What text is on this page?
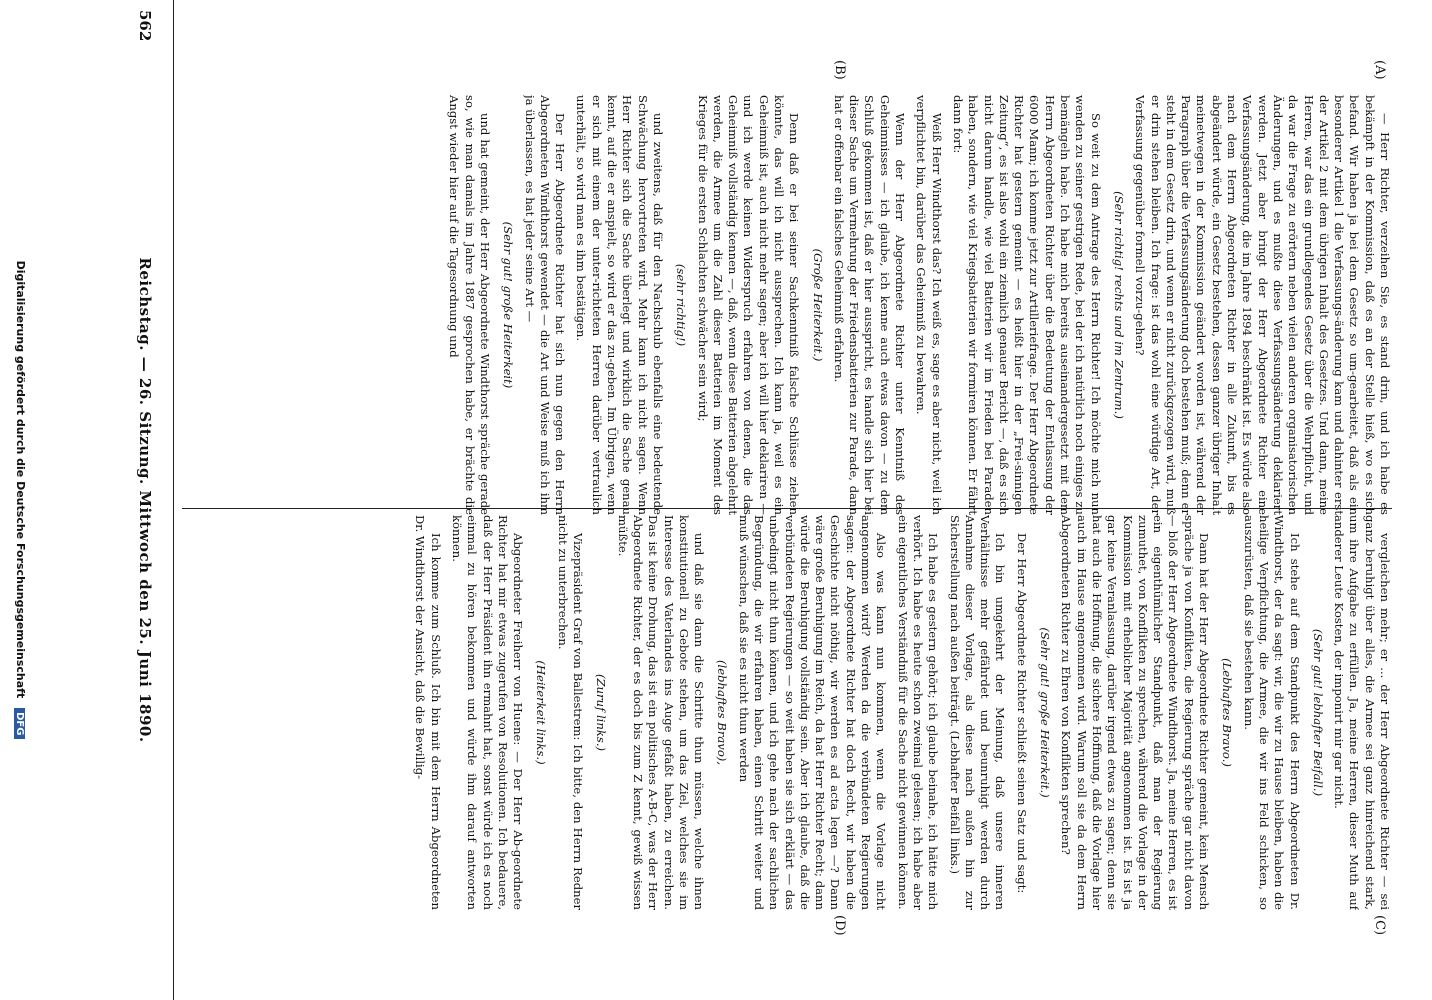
562
Reichstag. — 26. Sitzung. Mittwoch den 25. Juni 1890.
(A)
(B)
(C)
(D)

— Herr Richter, verzeihen Sie, es stand drin, und ich habe es bekämpft in der Kommission, daß es an der Stelle hieß, wo es sich befand. Wir haben ja bei dem Gesetz so um-gearbeitet, daß als ein besonderer Artikel 1 die Verfassungs-änderung kam und dahinter erst der Artikel 2 mit dem übrigen Inhalt des Gesetzes. Und dann, meine Herren, war das ein grundlegendes Gesetz über die Wehrpflicht, und da war die Frage zu erörtern neben vielen anderen organisatorischen Änderungen, und es mußte diese Verfassungsänderung deklariert werden. Jetzt aber bringt der Herr Abgeordnete Richter eine Verfassungsänderung, die im Jahre 1894 beschränkt ist. Es würde also nach dem Herrn Abgeordneten Richter in alle Zukunft, bis es abgeändert würde, ein Gesetz bestehen, dessen ganzer übriger Inhalt meinetwegen in der Kommission geändert worden ist, während der Paragraph über die Verfassungsänderung doch bestehen muß; denn er steht in dem Gesetz drin, und wenn er nicht zurückgezogen wird, muß er drin stehen bleiben. Ich frage: ist das wohl eine würdige Art, der Verfassung gegenüber formell vorzu-gehen?

(Sehr richtig! rechts und im Zentrum.)

So weit zu dem Antrage des Herrn Richter! Ich möchte mich nun wenden zu seiner gestrigen Rede, bei der ich natürlich noch einiges zu bemängeln habe. Ich habe mich bereits auseinandergesetzt mit dem Herrn Abgeordneten Richter über die Bedeutung der Entlassung der 6000 Mann; ich komme jetzt zur Artilleriefrage. Der Herr Abgeordnete Richter hat gestern gemeint — es heißt hier in der „Frei-sinnigen Zeitung“, es ist also wohl ein ziemlich genauer Bericht —, daß es sich nicht darum handle, wie viel Batterien wir im Frieden bei Paraden haben, sondern, wie viel Kriegsbatterien wir formiren können. Er fährt dann fort:

Weiß Herr Windthorst das? Ich weiß es, sage es aber nicht, weil ich verpflichtet bin, darüber das Geheimniß zu bewahren.

Wenn der Herr Abgeordnete Richter unter Kenntniß des Geheimnisses — ich glaube, ich kenne auch etwas davon — zu dem Schluß gekommen ist, daß er hier ausspricht, es handle sich hier bei dieser Sache um Vermehrung der Friedensbatterien zur Parade, dann hat er offenbar ein falsches Geheimniß erfahren.

(Große Heiterkeit.)

Denn daß er bei seiner Sachkenntniß falsche Schlüsse ziehen könnte, das will ich nicht aussprechen. Ich kann ja, weil es ein Geheimniß ist, auch nicht mehr sagen; aber ich will hier deklariren — und ich werde keinen Widerspruch erfahren von denen, die das Geheimniß vollständig kennen —, daß, wenn diese Batterien abgelehnt werden, die Armee um die Zahl dieser Batterien im Moment des Krieges für die ersten Schlachten schwächer sein wird;

(sehr richtig!)

und zweitens, daß für den Nachschub ebenfalls eine bedeutende Schwächung hervortreten wird. Mehr kann ich nicht sagen. Wenn Herr Richter sich die Sache überlegt und wirklich die Sache genau kennt, auf die er anspielt, so wird er das zu-geben. Im Übrigen, wenn er sich mit einem der unter-richteten Herren darüber vertraulich unterhält, so wird man es ihm bestätigen.

Der Herr Abgeordnete Richter hat sich nun gegen den Herrn Abgeordneten Windthorst gewendet — die Art und Weise muß ich ihm ja überlassen, es hat jeder seine Art —

(Sehr gut! große Heiterkeit)

und hat gemeint, der Herr Abgeordnete Windthorst spräche gerade so, wie man damals im Jahre 1887 gesprochen habe, er brächte die Angst wieder hier auf die Tagesordnung und

vergleichen mehr; er ... der Herr Abgeordnete Richter — sei ganz beruhigt über alles, die Armee sei ganz hinreichend stark, um ihre Aufgabe zu erfüllen. Ja, meine Herren, dieser Muth auf anderer Leute Kosten, der imponirt mir gar nicht.

(Sehr gut! lebhafter Beifall.)

Ich stehe auf dem Standpunkt des Herrn Abgeordneten Dr. Windthorst, der da sagt: wir, die wir zu Hause bleiben, haben die heilige Verpflichtung, die Armee, die wir ins Feld schicken, so auszurüsten, daß sie bestehen kann.

(Lebhaftes Bravo.)

Dann hat der Herr Abgeordnete Richter gemeint, kein Mensch spräche ja von Konflikten, die Regierung spräche gar nicht davon — bloß der Herr Abgeordnete Windthorst. Ja, meine Herren, es ist ein eigenthümlicher Standpunkt, daß man der Regierung zumuthet, von Konflikten zu sprechen, während die Vorlage in der Kommission mit erheblicher Majorität angenommen ist. Es ist ja gar keine Veranlassung, darüber irgend etwas zu sagen; denn sie hat auch die Hoffnung, die sichere Hoffnung, daß die Vorlage hier auch im Hause angenommen wird. Warum soll sie da dem Herrn Abgeordneten Richter zu Ehren von Konflikten sprechen?

(Sehr gut! große Heiterkeit.)

Der Herr Abgeordnete Richter schließt seinen Satz und sagt:

Ich bin umgekehrt der Meinung, daß unsere inneren Verhältnisse mehr gefährdet und beunruhigt werden durch Annahme dieser Vorlage, als diese nach außen hin zur Sicherstellung nach außen beiträgt. (Lebhafter Beifall links.)

Ich habe es gestern gehört; ich glaube beinahe, ich hätte mich verhört. Ich habe es heute schon zweimal gelesen; ich habe aber ein eigentliches Verständniß für die Sache nicht gewinnen können.

Also was kann nun kommen, wenn die Vorlage nicht angenommen wird? Werden da die verbündeten Regierungen sagen: der Abgeordnete Richter hat doch Recht, wir haben die Geschichte nicht nöthig, wir werden es ad acta legen —? Dann wäre große Beruhigung im Reich, da hat Herr Richter Recht; dann würde die Beruhigung vollständig sein. Aber ich glaube, daß die verbündeten Regierungen — so weit haben sie sich erklärt — das unbedingt nicht thun können, und ich gehe nach der sachlichen Begründung, die wir erfahren haben, einen Schritt weiter und muß wünschen, daß sie es nicht thun werden

(lebhaftes Bravo),

und daß sie dann die Schritte thun müssen, welche ihnen konstitutionell zu Gebote stehen, um das Ziel, welches sie im Interesse des Vaterlandes ins Auge gefaßt haben, zu erreichen. Das ist keine Drohung, das ist ein politisches A-B-C, was der Herr Abgeordnete Richter, der es doch bis zum Z kennt, gewiß wissen müßte.

(Zuruf links.)

Vizepräsident Graf von Ballestrem: Ich bitte, den Herrn Redner nicht zu unterbrechen.

(Heiterkeit links.)

Abgeordneter Freiherr von Huene: — Der Herr Ab-geordnete Richter hat mir etwas zugerufen von Resolutionen. Ich bedauere, daß der Herr Präsident ihn ermahnt hat, sonst würde ich es noch einmal zu hören bekommen und würde ihm darauf antworten können.

Ich komme zum Schluß. Ich bin mit dem Herrn Abgeordneten Dr. Windthorst der Ansicht, daß die Bewillig-

Digitalisierung gefördert durch die Deutsche Forschungsgemeinschaft DFG
